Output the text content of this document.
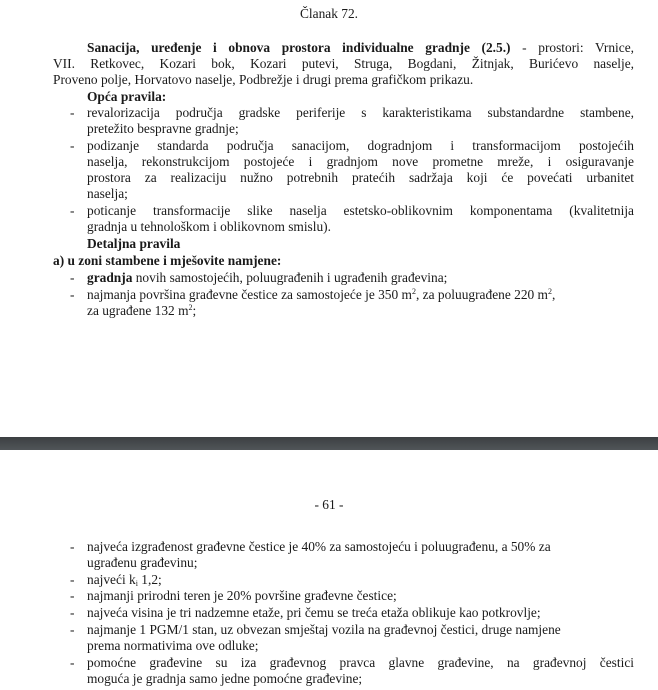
Članak 72.
Sanacija, uređenje i obnova prostora individualne gradnje (2.5.) - prostori: Vrnice,
VII. Retkovec, Kozari bok, Kozari putevi, Struga, Bogdani, Žitnjak, Burićevo naselje,
Proveno polje, Horvatovo naselje, Podbrežje i drugi prema grafičkom prikazu.
Opća pravila:
- revalorizacija područja gradske periferije s karakteristikama substandardne stambene,
pretežito bespravne gradnje;
- podizanje standarda područja sanacijom, dogradnjom i transformacijom postojećih
naselja, rekonstrukcijom postojeće i gradnjom nove prometne mreže, i osiguravanje
prostora za realizaciju nužno potrebnih pratećih sadržaja koji će povećati urbanitet
naselja;
- poticanje transformacije slike naselja estetsko-oblikovnim komponentama (kvalitetnija
gradnja u tehnološkom i oblikovnom smislu).
Detaljna pravila
a) u zoni stambene i mješovite namjene:
- gradnja novih samostojećih, poluugrađenih i ugrađenih građevina;
- najmanja površina građevne čestice za samostojeće je 350 $m^2$, za poluugrađene 220 $m^2$,
za ugrađene 132 $m^2$;
- 61 -
- najveća izgrađenost građevne čestice je 40% za samostojeću i poluugrađenu, a 50% za
ugrađenu građevinu;
- najveći $k_i$ 1,2;
- najmanji prirodni teren je 20% površine građevne čestice;
- najveća visina je tri nadzemne etaže, pri čemu se treća etaža oblikuje kao potkrovlje;
- najmanje 1 PGM/1 stan, uz obvezan smještaj vozila na građevnoj čestici, druge namjene
prema normativima ove odluke;
- pomoćne građevine su iza građevnog pravca glavne građevine, na građevnoj čestici
moguća je gradnja samo jedne pomoćne građevine;
